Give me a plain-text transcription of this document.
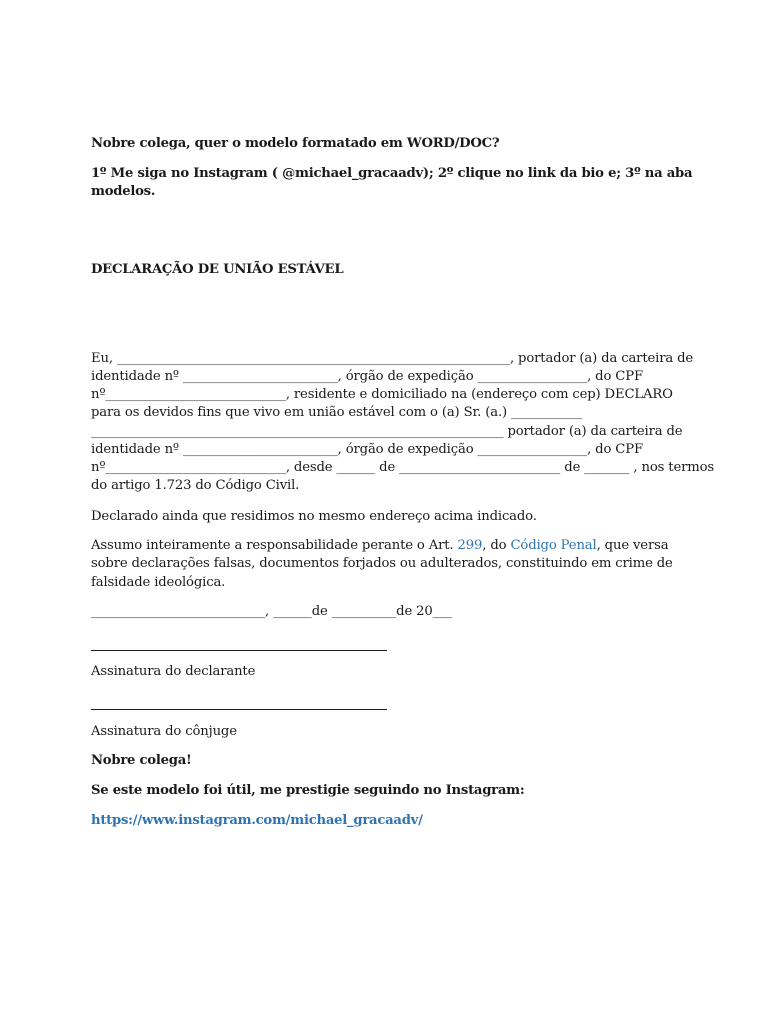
Nobre colega, quer o modelo formatado em WORD/DOC?
1º Me siga no Instagram ( @michael_gracaadv); 2º clique no link da bio e; 3º na aba
modelos.
DECLARAÇÃO DE UNIÃO ESTÁVEL
Eu, _____________________________________________________________, portador (a) da carteira de
identidade nº ________________________, órgão de expedição _________________, do CPF
nº____________________________, residente e domiciliado na (endereço com cep) DECLARO
para os devidos fins que vivo em união estável com o (a) Sr. (a.) ___________
________________________________________________________________ portador (a) da carteira de
identidade nº ________________________, órgão de expedição _________________, do CPF
nº____________________________, desde ______ de _________________________ de _______ , nos termos
do artigo 1.723 do Código Civil.
Declarado ainda que residimos no mesmo endereço acima indicado.
Assumo inteiramente a responsabilidade perante o Art. 299, do Código Penal, que versa
sobre declarações falsas, documentos forjados ou adulterados, constituindo em crime de
falsidade ideológica.
___________________________, ______de __________de 20___
Assinatura do declarante
Assinatura do cônjuge
Nobre colega!
Se este modelo foi útil, me prestigie seguindo no Instagram:
https://www.instagram.com/michael_gracaadv/
